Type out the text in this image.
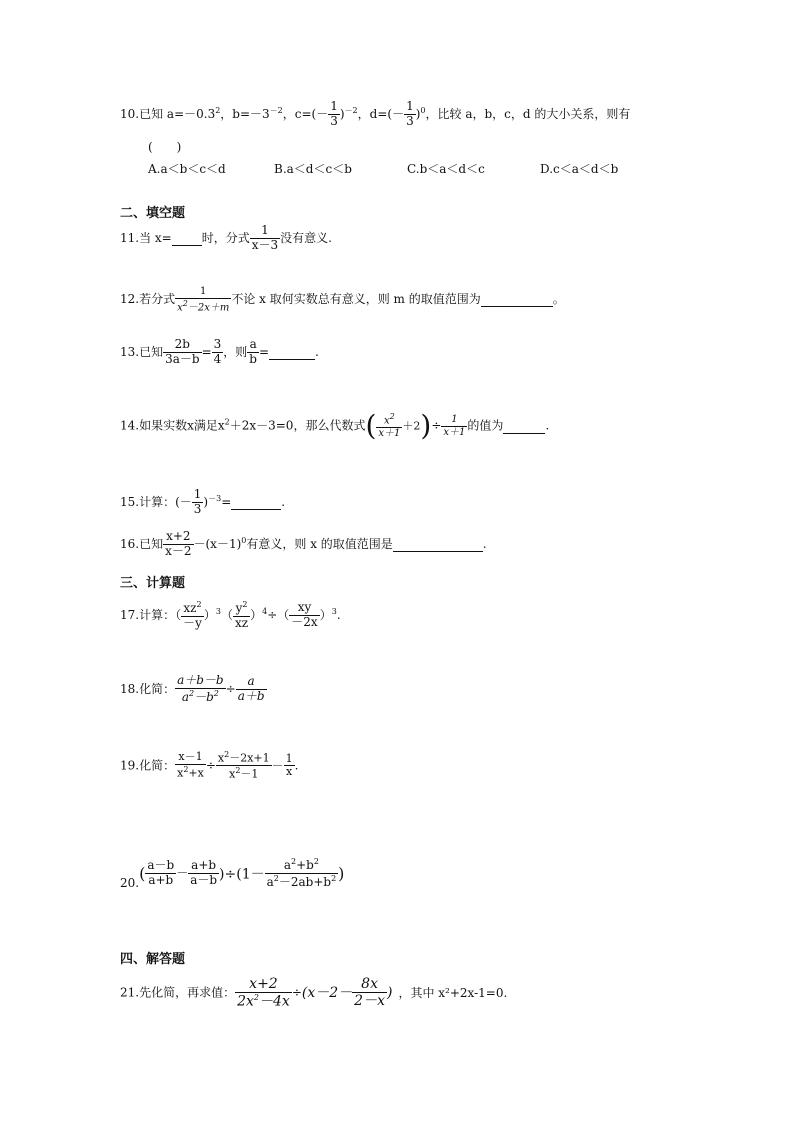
10.已知 $a=-0.3^2$，$b=-3^{-2}$，$c=(- \frac{1}{3} )^{-2}$，$d=(- \frac{1}{3} )^0$，比较 a，b，c，d 的大小关系，则有
(　　)
A.a＜b＜c＜d	B.a＜d＜c＜b	C.b＜a＜d＜c	D.c＜a＜d＜b
二、填空题
11.当 x=	时，分式 $\frac{1}{x-3}$ 没有意义.
12.若分式 $\frac{1}{x^2-2x+m}$ 不论 x 取何实数总有意义，则 m 的取值范围为	。
13.已知 $\frac{2b}{3a-b} = \frac{3}{4}$ ，则 $\frac{a}{b}$ =	.
14.如果实数x满足$x^2+2x-3=0$，那么代数式( $\frac{x^2}{x+1} +2)\div \frac{1}{x+1}$ 的值为	.
15.计算：(－ $\frac{1}{3} )^{-3}=$	.
16.已知 $\frac{x+2}{x-2} -(x-1)^0$有意义，则 x 的取值范围是	.
三、计算题
17.计算：（ $\frac{xz^2}{-y} )^3( \frac{y^2}{xz} )^4\div( \frac{xy}{-2x} )^3$.
18.化简： $\frac{a+b-b}{a^2-b^2} \div \frac{a}{a+b}$
19.化简： $\frac{x-1}{x^2+x} \div \frac{x^2-2x+1}{x^2-1} - \frac{1}{x}$ .
$20.( \frac{a-b}{a+b} - \frac{a+b}{a-b} )\div(1- \frac{a^2+b^2}{a^2-2ab+b^2}$ )
四、解答题
21.先化简，再求值： $\frac{x+2}{2x^2-4x} \div(x-2- \frac{8x}{2-x}$ ) ，其中 x²+2x-1=0.
